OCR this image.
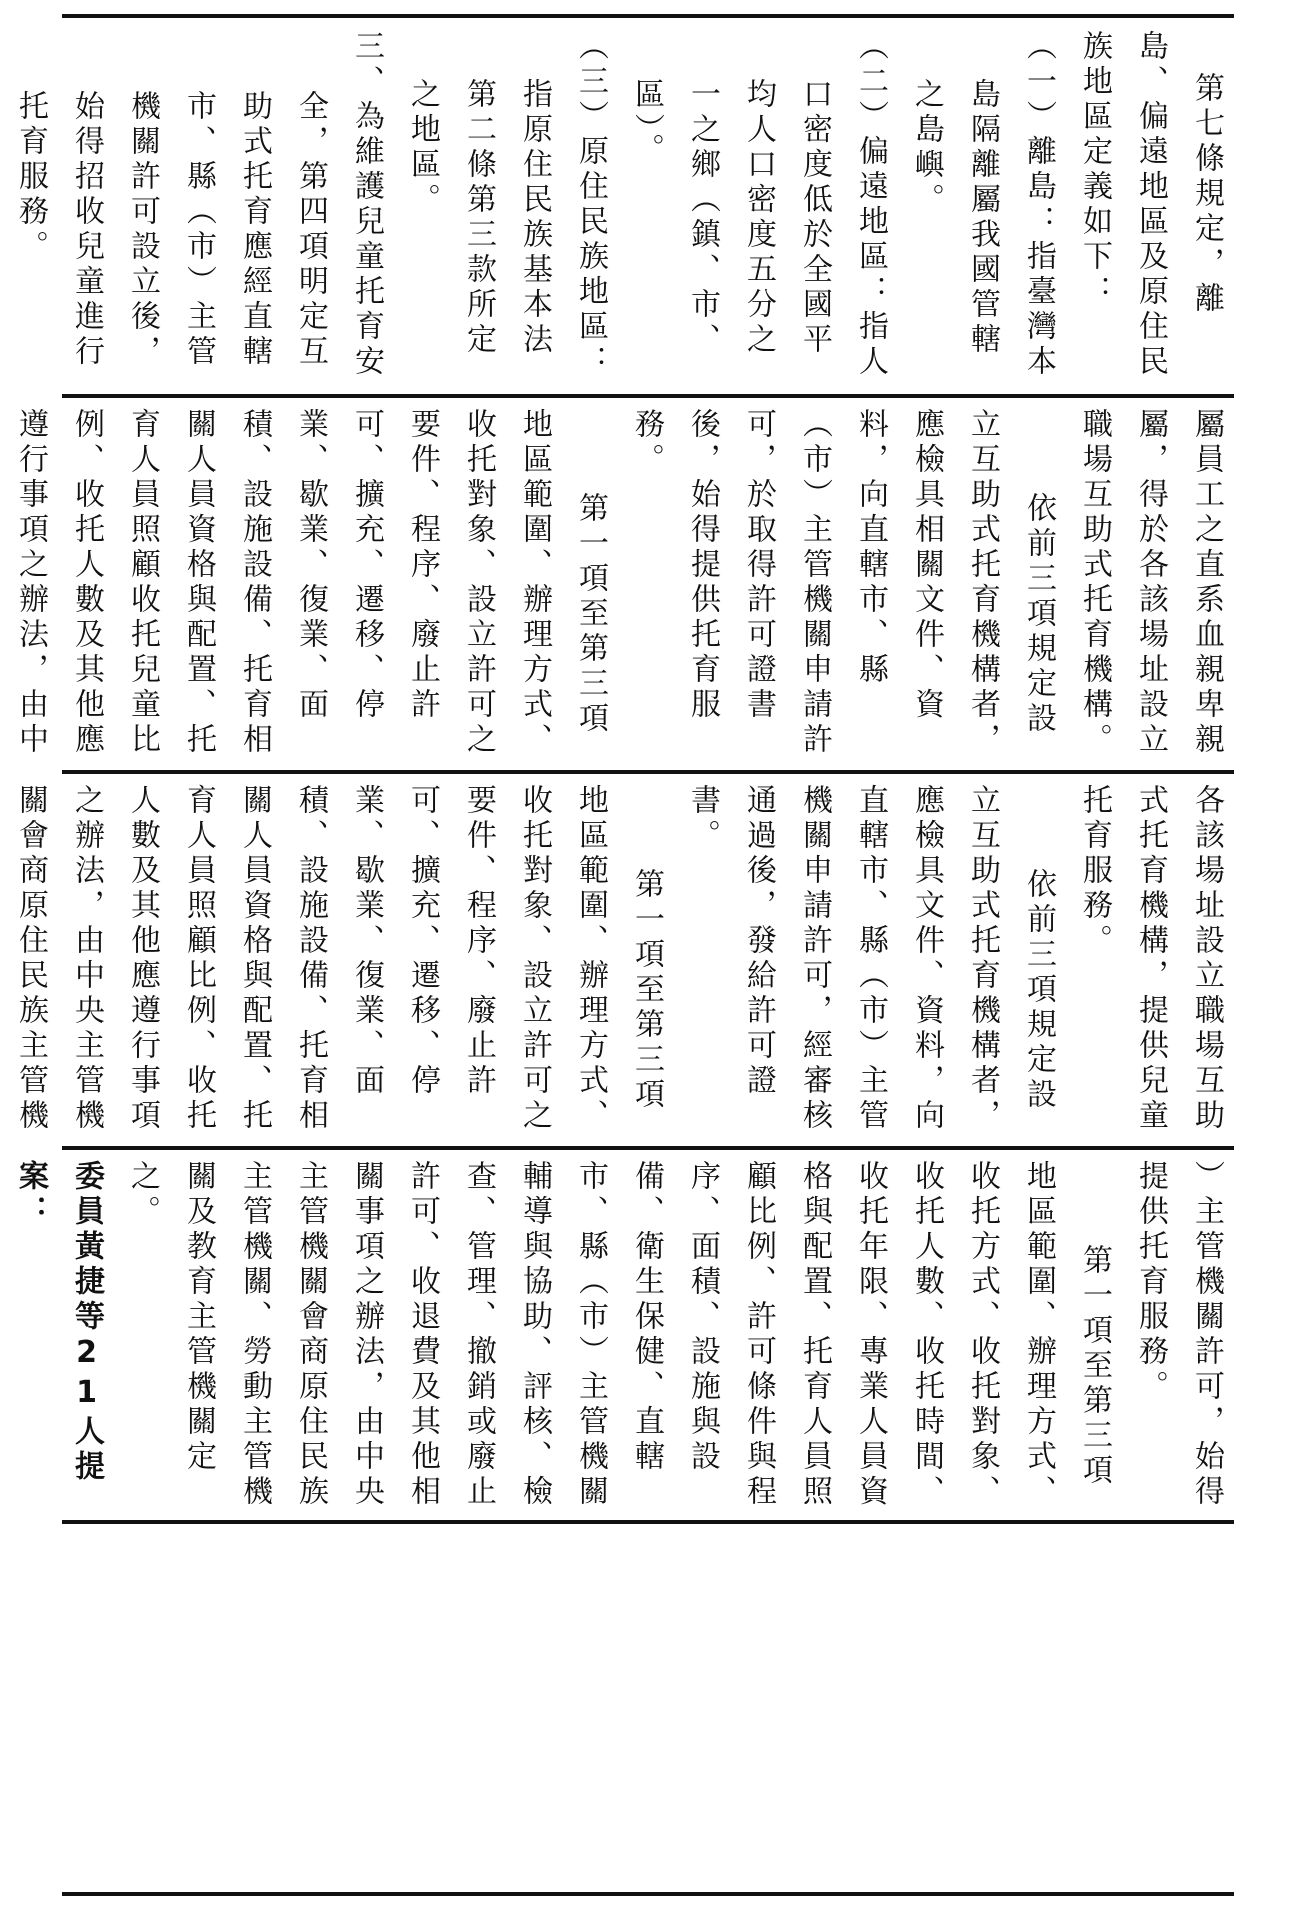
第七條規定，離島、偏遠地區及原住民族地區定義如下：

（一）離島：指臺灣本島隔離屬我國管轄之島嶼。

（二）偏遠地區：指人口密度低於全國平均人口密度五分之一之鄉（鎮、市、區）。

（三）原住民族地區：指原住民族基本法第二條第三款所定之地區。

三、為維護兒童托育安全，第四項明定互助式托育應經直轄市、縣（市）主管機關許可設立後，始得招收兒童進行托育服務。

屬員工之直系血親卑親屬，得於各該場址設立職場互助式托育機構。

依前三項規定設立互助式托育機構者，應檢具相關文件、資料，向直轄市、縣（市）主管機關申請許可，於取得許可證書後，始得提供托育服務。

第一項至第三項地區範圍、辦理方式、收托對象、設立許可之要件、程序、廢止許可、擴充、遷移、停業、歇業、復業、面積、設施設備、托育相關人員資格與配置、托育人員照顧收托兒童比例、收托人數及其他應遵行事項之辦法，由中

各該場址設立職場互助式托育機構，提供兒童托育服務。

依前三項規定設立互助式托育機構者，應檢具文件、資料，向直轄市、縣（市）主管機關申請許可，經審核通過後，發給許可證書。

第一項至第三項地區範圍、辦理方式、收托對象、設立許可之要件、程序、廢止許可、擴充、遷移、停業、歇業、復業、面積、設施設備、托育相關人員資格與配置、托育人員照顧比例、收托人數及其他應遵行事項之辦法，由中央主管機關會商原住民族主管機

）主管機關許可，始得提供托育服務。

第一項至第三項地區範圍、辦理方式、收托方式、收托對象、收托人數、收托時間、收托年限、專業人員資格與配置、托育人員照顧比例、許可條件與程序、面積、設施與設備、衛生保健、直轄市、縣（市）主管機關輔導與協助、評核、檢查、管理、撤銷或廢止許可、收退費及其他相關事項之辦法，由中央主管機關會商原住民族主管機關、勞動主管機關及教育主管機關定之。

委員黃捷等21人提案：
